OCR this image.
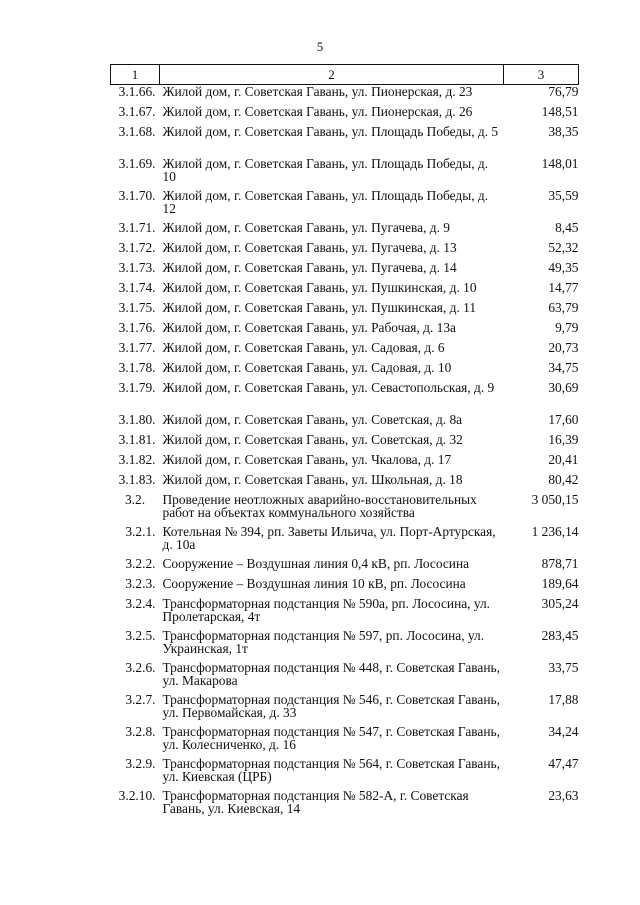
5
1	2	3
3.1.66.	Жилой дом, г. Советская Гавань, ул. Пионерская, д. 23	76,79
3.1.67.	Жилой дом, г. Советская Гавань, ул. Пионерская, д. 26	148,51
3.1.68.	Жилой дом, г. Советская Гавань, ул. Площадь Победы, д. 5	38,35
3.1.69.	Жилой дом, г. Советская Гавань, ул. Площадь Победы, д. 10	148,01
3.1.70.	Жилой дом, г. Советская Гавань, ул. Площадь Победы, д. 12	35,59
3.1.71.	Жилой дом, г. Советская Гавань, ул. Пугачева, д. 9	8,45
3.1.72.	Жилой дом, г. Советская Гавань, ул. Пугачева, д. 13	52,32
3.1.73.	Жилой дом, г. Советская Гавань, ул. Пугачева, д. 14	49,35
3.1.74.	Жилой дом, г. Советская Гавань, ул. Пушкинская, д. 10	14,77
3.1.75.	Жилой дом, г. Советская Гавань, ул. Пушкинская, д. 11	63,79
3.1.76.	Жилой дом, г. Советская Гавань, ул. Рабочая, д. 13а	9,79
3.1.77.	Жилой дом, г. Советская Гавань, ул. Садовая, д. 6	20,73
3.1.78.	Жилой дом, г. Советская Гавань, ул. Садовая, д. 10	34,75
3.1.79.	Жилой дом, г. Советская Гавань, ул. Севастопольская, д. 9	30,69
3.1.80.	Жилой дом, г. Советская Гавань, ул. Советская, д. 8а	17,60
3.1.81.	Жилой дом, г. Советская Гавань, ул. Советская, д. 32	16,39
3.1.82.	Жилой дом, г. Советская Гавань, ул. Чкалова, д. 17	20,41
3.1.83.	Жилой дом, г. Советская Гавань, ул. Школьная, д. 18	80,42
3.2.	Проведение неотложных аварийно-восстановительных работ на объектах коммунального хозяйства	3 050,15
3.2.1.	Котельная № 394, рп. Заветы Ильича, ул. Порт-Артурская, д. 10а	1 236,14
3.2.2.	Сооружение – Воздушная линия 0,4 кВ, рп. Лососина	878,71
3.2.3.	Сооружение – Воздушная линия 10 кВ, рп. Лососина	189,64
3.2.4.	Трансформаторная подстанция № 590а, рп. Лососина, ул. Пролетарская, 4т	305,24
3.2.5.	Трансформаторная подстанция № 597, рп. Лососина, ул. Украинская, 1т	283,45
3.2.6.	Трансформаторная подстанция № 448, г. Советская Гавань, ул. Макарова	33,75
3.2.7.	Трансформаторная подстанция № 546, г. Советская Гавань, ул. Первомайская, д. 33	17,88
3.2.8.	Трансформаторная подстанция № 547, г. Советская Гавань, ул. Колесниченко, д. 16	34,24
3.2.9.	Трансформаторная подстанция № 564, г. Советская Гавань, ул. Киевская (ЦРБ)	47,47
3.2.10.	Трансформаторная подстанция № 582-А, г. Советская Гавань, ул. Киевская, 14	23,63
